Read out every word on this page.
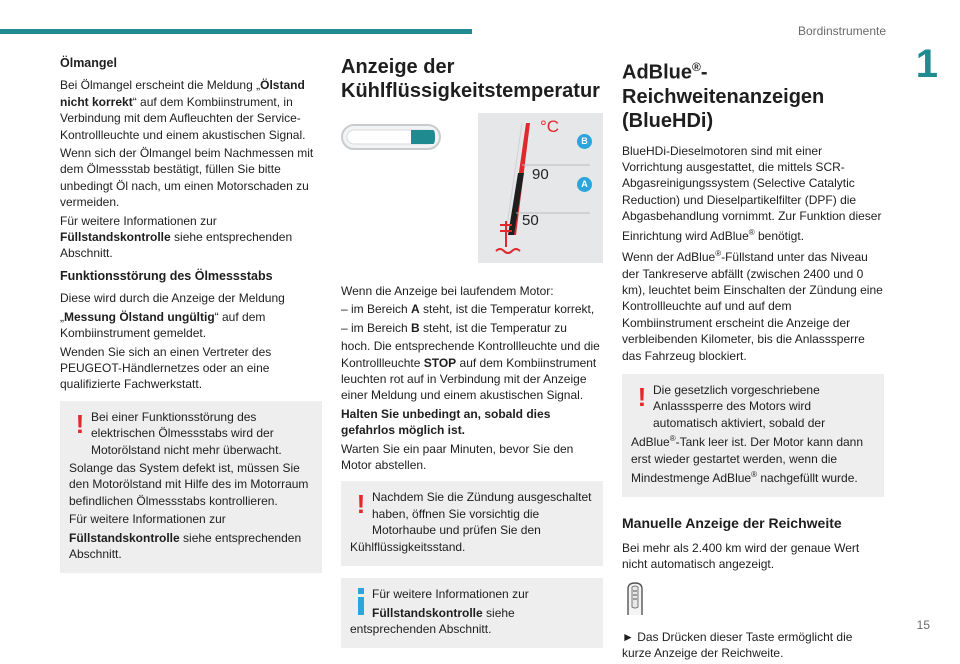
Bordinstrumente
1
15
Ölmangel

Bei Ölmangel erscheint die Meldung „Ölstand nicht korrekt“ auf dem Kombiinstrument, in Verbindung mit dem Aufleuchten der Service-Kontrollleuchte und einem akustischen Signal.

Wenn sich der Ölmangel beim Nachmessen mit dem Ölmessstab bestätigt, füllen Sie bitte unbedingt Öl nach, um einen Motorschaden zu vermeiden.

Für weitere Informationen zur Füllstandskontrolle siehe entsprechenden Abschnitt.

Funktionsstörung des Ölmessstabs

Diese wird durch die Anzeige der Meldung

„Messung Ölstand ungültig“ auf dem Kombiinstrument gemeldet.

Wenden Sie sich an einen Vertreter des PEUGEOT-Händlernetzes oder an eine qualifizierte Fachwerkstatt.

! Bei einer Funktionsstörung des elektrischen Ölmessstabs wird der Motorölstand nicht mehr überwacht.

Solange das System defekt ist, müssen Sie den Motorölstand mit Hilfe des im Motorraum befindlichen Ölmessstabs kontrollieren.

Für weitere Informationen zur

Füllstandskontrolle siehe entsprechenden Abschnitt.

Anzeige der Kühlflüssigkeitstemperatur
°C
90
50
B
A

Wenn die Anzeige bei laufendem Motor:

– im Bereich A steht, ist die Temperatur korrekt,

– im Bereich B steht, ist die Temperatur zu

hoch. Die entsprechende Kontrollleuchte und die Kontrollleuchte STOP auf dem Kombiinstrument leuchten rot auf in Verbindung mit der Anzeige einer Meldung und einem akustischen Signal.

Halten Sie unbedingt an, sobald dies gefahrlos möglich ist.

Warten Sie ein paar Minuten, bevor Sie den Motor abstellen.

! Nachdem Sie die Zündung ausgeschaltet haben, öffnen Sie vorsichtig die Motorhaube und prüfen Sie den Kühlflüssigkeitsstand.

Für weitere Informationen zur

Füllstandskontrolle siehe entsprechenden Abschnitt.

AdBlue®-Reichweitenanzeigen (BlueHDi)

BlueHDi-Dieselmotoren sind mit einer Vorrichtung ausgestattet, die mittels SCR-Abgasreinigungssystem (Selective Catalytic Reduction) und Dieselpartikelfilter (DPF) die Abgasbehandlung vornimmt. Zur Funktion dieser Einrichtung wird AdBlue® benötigt.

Wenn der AdBlue®-Füllstand unter das Niveau der Tankreserve abfällt (zwischen 2400 und 0 km), leuchtet beim Einschalten der Zündung eine Kontrollleuchte auf und auf dem Kombiinstrument erscheint die Anzeige der verbleibenden Kilometer, bis die Anlasssperre das Fahrzeug blockiert.

! Die gesetzlich vorgeschriebene Anlasssperre des Motors wird automatisch aktiviert, sobald der AdBlue®-Tank leer ist. Der Motor kann dann erst wieder gestartet werden, wenn die Mindestmenge AdBlue® nachgefüllt wurde.

Manuelle Anzeige der Reichweite

Bei mehr als 2.400 km wird der genaue Wert nicht automatisch angezeigt.

► Das Drücken dieser Taste ermöglicht die kurze Anzeige der Reichweite.
